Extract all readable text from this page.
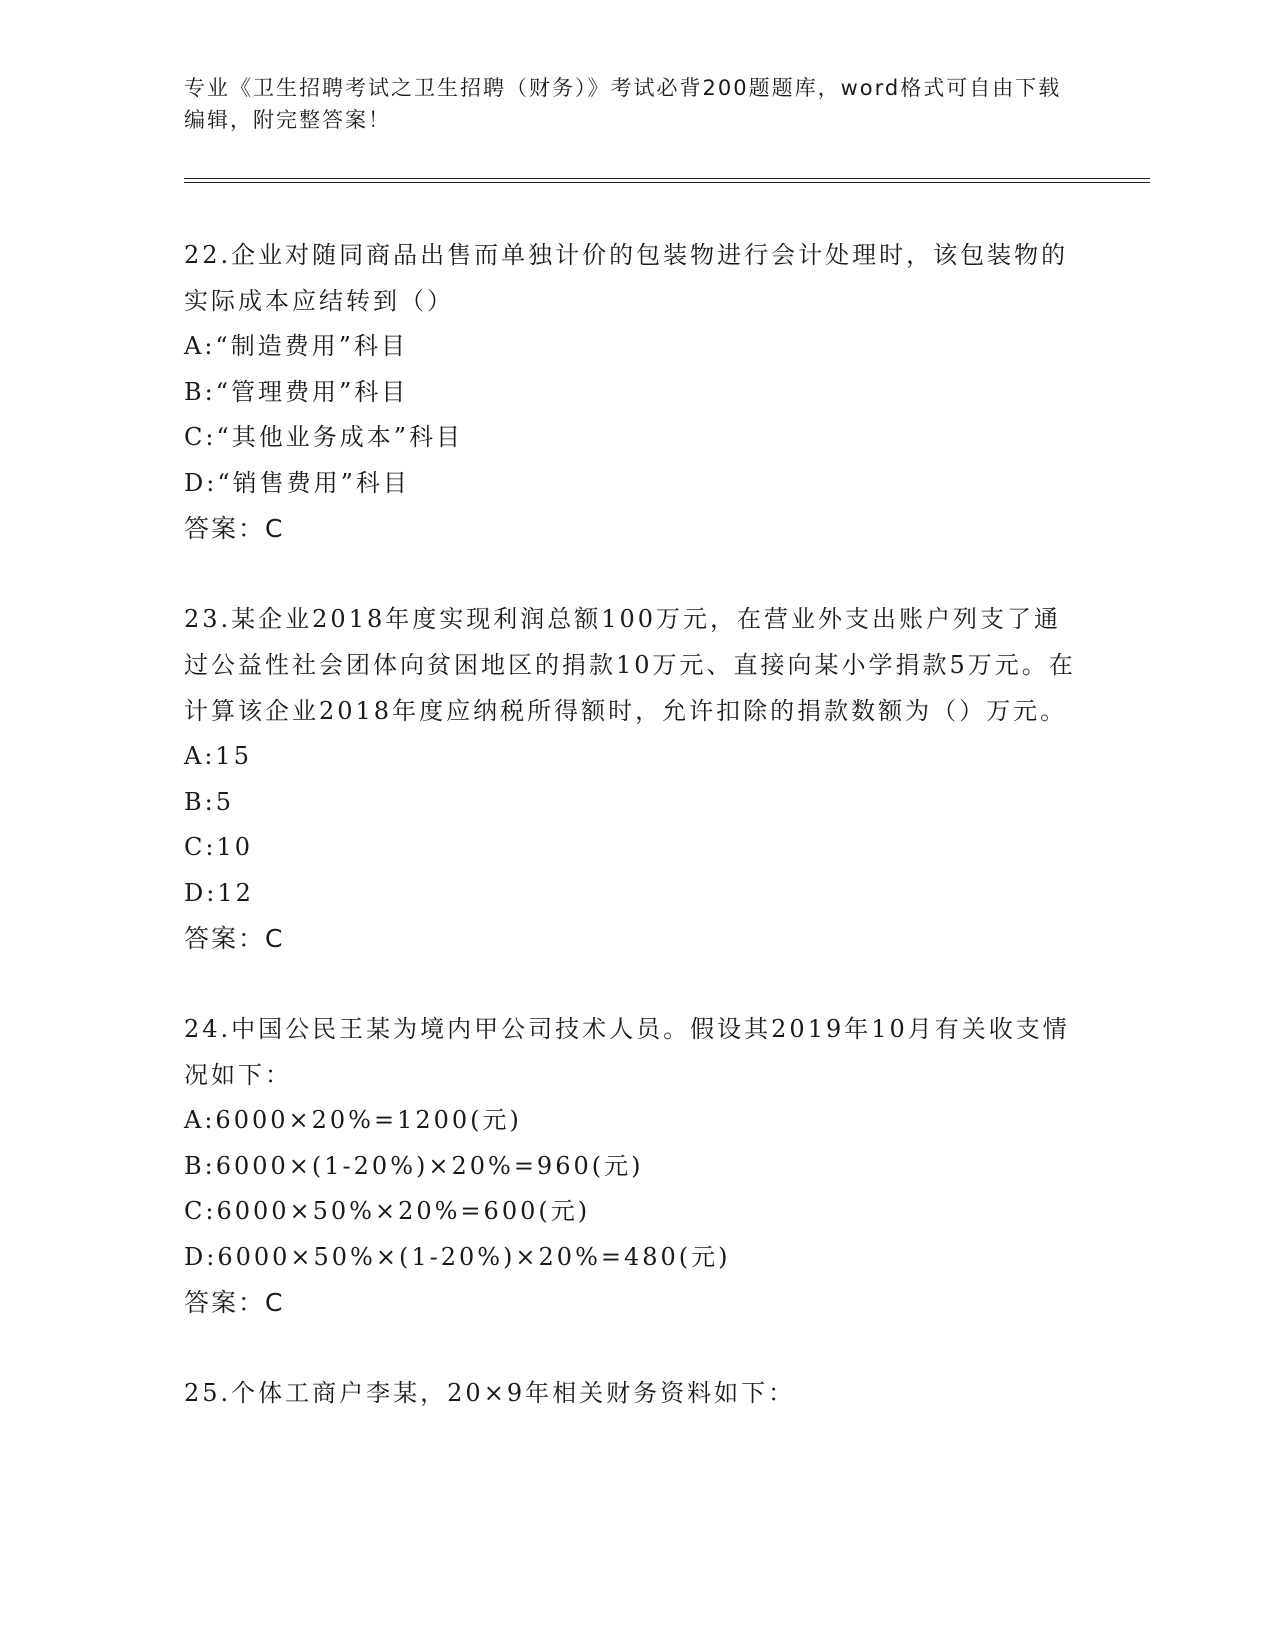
专业《卫生招聘考试之卫生招聘（财务）》考试必背200题题库，word格式可自由下载编辑，附完整答案！

22.企业对随同商品出售而单独计价的包装物进行会计处理时，该包装物的实际成本应结转到（）

A:“制造费用”科目

B:“管理费用”科目

C:“其他业务成本”科目

D:“销售费用”科目

答案：C

23.某企业2018年度实现利润总额100万元，在营业外支出账户列支了通过公益性社会团体向贫困地区的捐款10万元、直接向某小学捐款5万元。在计算该企业2018年度应纳税所得额时，允许扣除的捐款数额为（）万元。

A:15

B:5

C:10

D:12

答案：C

24.中国公民王某为境内甲公司技术人员。假设其2019年10月有关收支情况如下：

A:6000×20%=1200(元)

B:6000×(1-20%)×20%=960(元)

C:6000×50%×20%=600(元)

D:6000×50%×(1-20%)×20%=480(元)

答案：C

25.个体工商户李某，20×9年相关财务资料如下：
